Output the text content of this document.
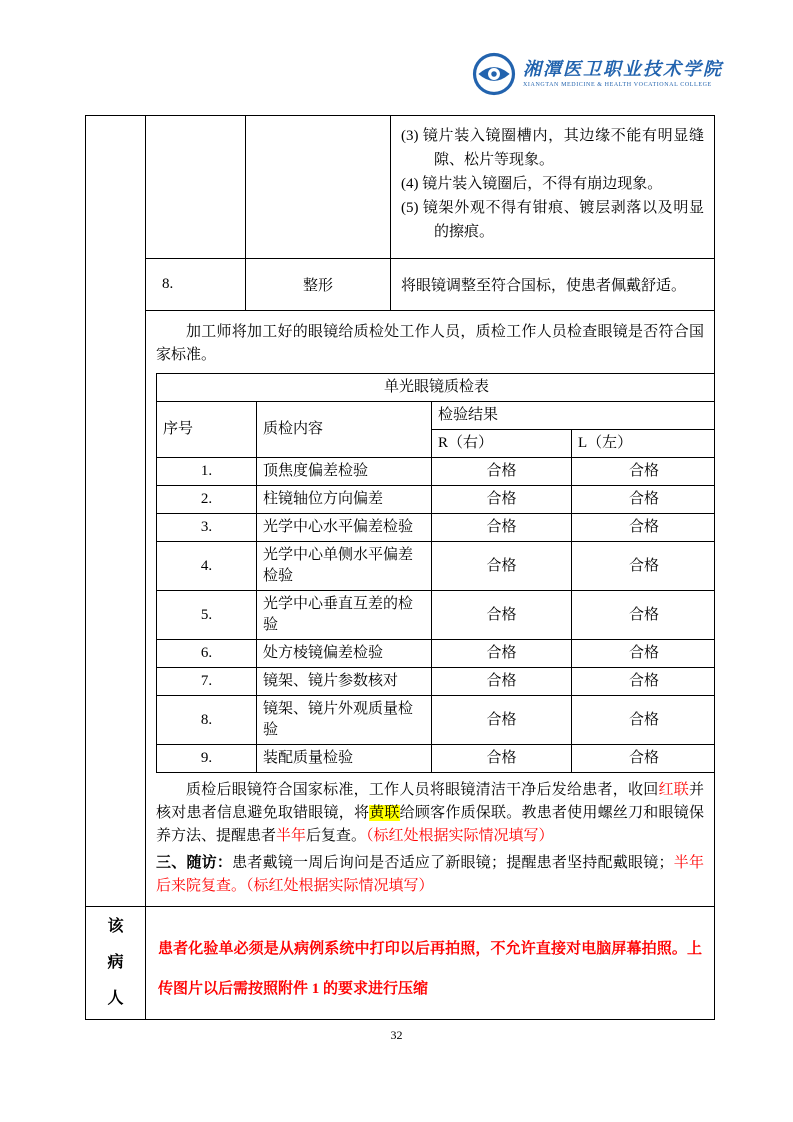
湘潭医卫职业技术学院
XIANGTAN MEDICINE & HEALTH VOCATIONAL COLLEGE
该病人
(3) 镜片装入镜圈槽内，其边缘不能有明显缝隙、松片等现象。
(4) 镜片装入镜圈后，不得有崩边现象。
(5) 镜架外观不得有钳痕、镀层剥落以及明显的擦痕。
8.	整形	将眼镜调整至符合国标，使患者佩戴舒适。

加工师将加工好的眼镜给质检处工作人员，质检工作人员检查眼镜是否符合国家标准。

单光眼镜质检表			
序号	质检内容	检验结果	
		R（右）	L（左）
1.	顶焦度偏差检验	合格	合格
2.	柱镜轴位方向偏差	合格	合格
3.	光学中心水平偏差检验	合格	合格
4.	光学中心单侧水平偏差检验	合格	合格
5.	光学中心垂直互差的检验	合格	合格
6.	处方棱镜偏差检验	合格	合格
7.	镜架、镜片参数核对	合格	合格
8.	镜架、镜片外观质量检验	合格	合格
9.	装配质量检验	合格	合格

质检后眼镜符合国家标准，工作人员将眼镜清洁干净后发给患者，收回红联并核对患者信息避免取错眼镜，将黄联给顾客作质保联。教患者使用螺丝刀和眼镜保养方法、提醒患者半年后复查。（标红处根据实际情况填写）

三、随访：患者戴镜一周后询问是否适应了新眼镜；提醒患者坚持配戴眼镜；半年后来院复查。（标红处根据实际情况填写）

患者化验单必须是从病例系统中打印以后再拍照，不允许直接对电脑屏幕拍照。上传图片以后需按照附件 1 的要求进行压缩
32
